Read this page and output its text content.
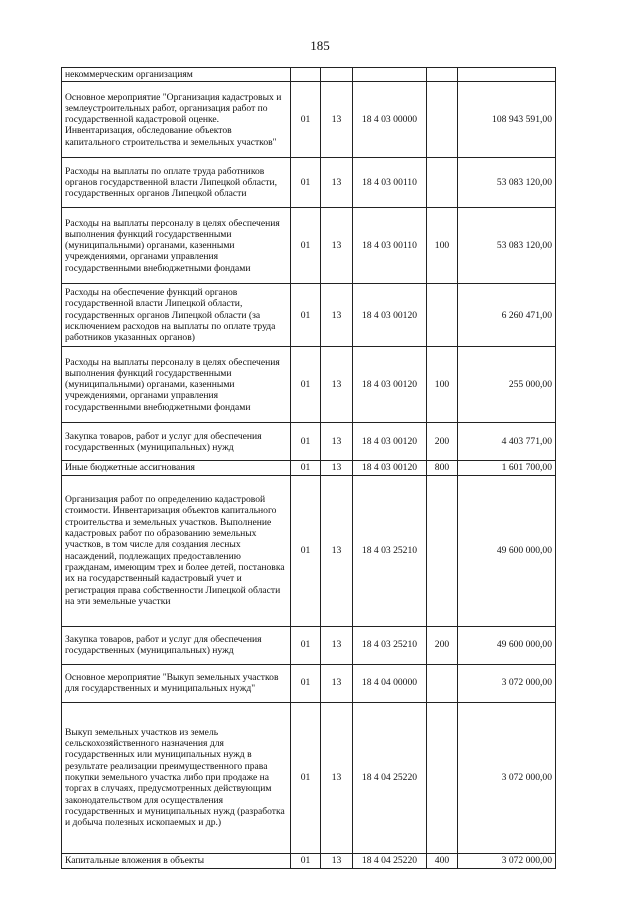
185
некоммерческим организациям					
Основное мероприятие "Организация кадастровых и землеустроительных работ, организация работ по государственной кадастровой оценке. Инвентаризация, обследование объектов капитального строительства и земельных участков"	01	13	18 4 03 00000		108 943 591,00
Расходы на выплаты по оплате труда работников органов государственной власти Липецкой области, государственных органов Липецкой области	01	13	18 4 03 00110		53 083 120,00
Расходы на выплаты персоналу в целях обеспечения выполнения функций государственными (муниципальными) органами, казенными учреждениями, органами управления государственными внебюджетными фондами	01	13	18 4 03 00110	100	53 083 120,00
Расходы на обеспечение функций органов государственной власти Липецкой области, государственных органов Липецкой области (за исключением расходов на выплаты по оплате труда работников указанных органов)	01	13	18 4 03 00120		6 260 471,00
Расходы на выплаты персоналу в целях обеспечения выполнения функций государственными (муниципальными) органами, казенными учреждениями, органами управления государственными внебюджетными фондами	01	13	18 4 03 00120	100	255 000,00
Закупка товаров, работ и услуг для обеспечения государственных (муниципальных) нужд	01	13	18 4 03 00120	200	4 403 771,00
Иные бюджетные ассигнования	01	13	18 4 03 00120	800	1 601 700,00
Организация работ по определению кадастровой стоимости. Инвентаризация объектов капитального строительства и земельных участков. Выполнение кадастровых работ по образованию земельных участков, в том числе для создания лесных насаждений, подлежащих предоставлению гражданам, имеющим трех и более детей, постановка их на государственный кадастровый учет и регистрация права собственности Липецкой области на эти земельные участки	01	13	18 4 03 25210		49 600 000,00
Закупка товаров, работ и услуг для обеспечения государственных (муниципальных) нужд	01	13	18 4 03 25210	200	49 600 000,00
Основное мероприятие "Выкуп земельных участков для государственных и муниципальных нужд"	01	13	18 4 04 00000		3 072 000,00
Выкуп земельных участков из земель сельскохозяйственного назначения для государственных или муниципальных нужд в результате реализации преимущественного права покупки земельного участка либо при продаже на торгах в случаях, предусмотренных действующим законодательством для осуществления государственных и муниципальных нужд (разработка и добыча полезных ископаемых и др.)	01	13	18 4 04 25220		3 072 000,00
Капитальные вложения в объекты	01	13	18 4 04 25220	400	3 072 000,00
